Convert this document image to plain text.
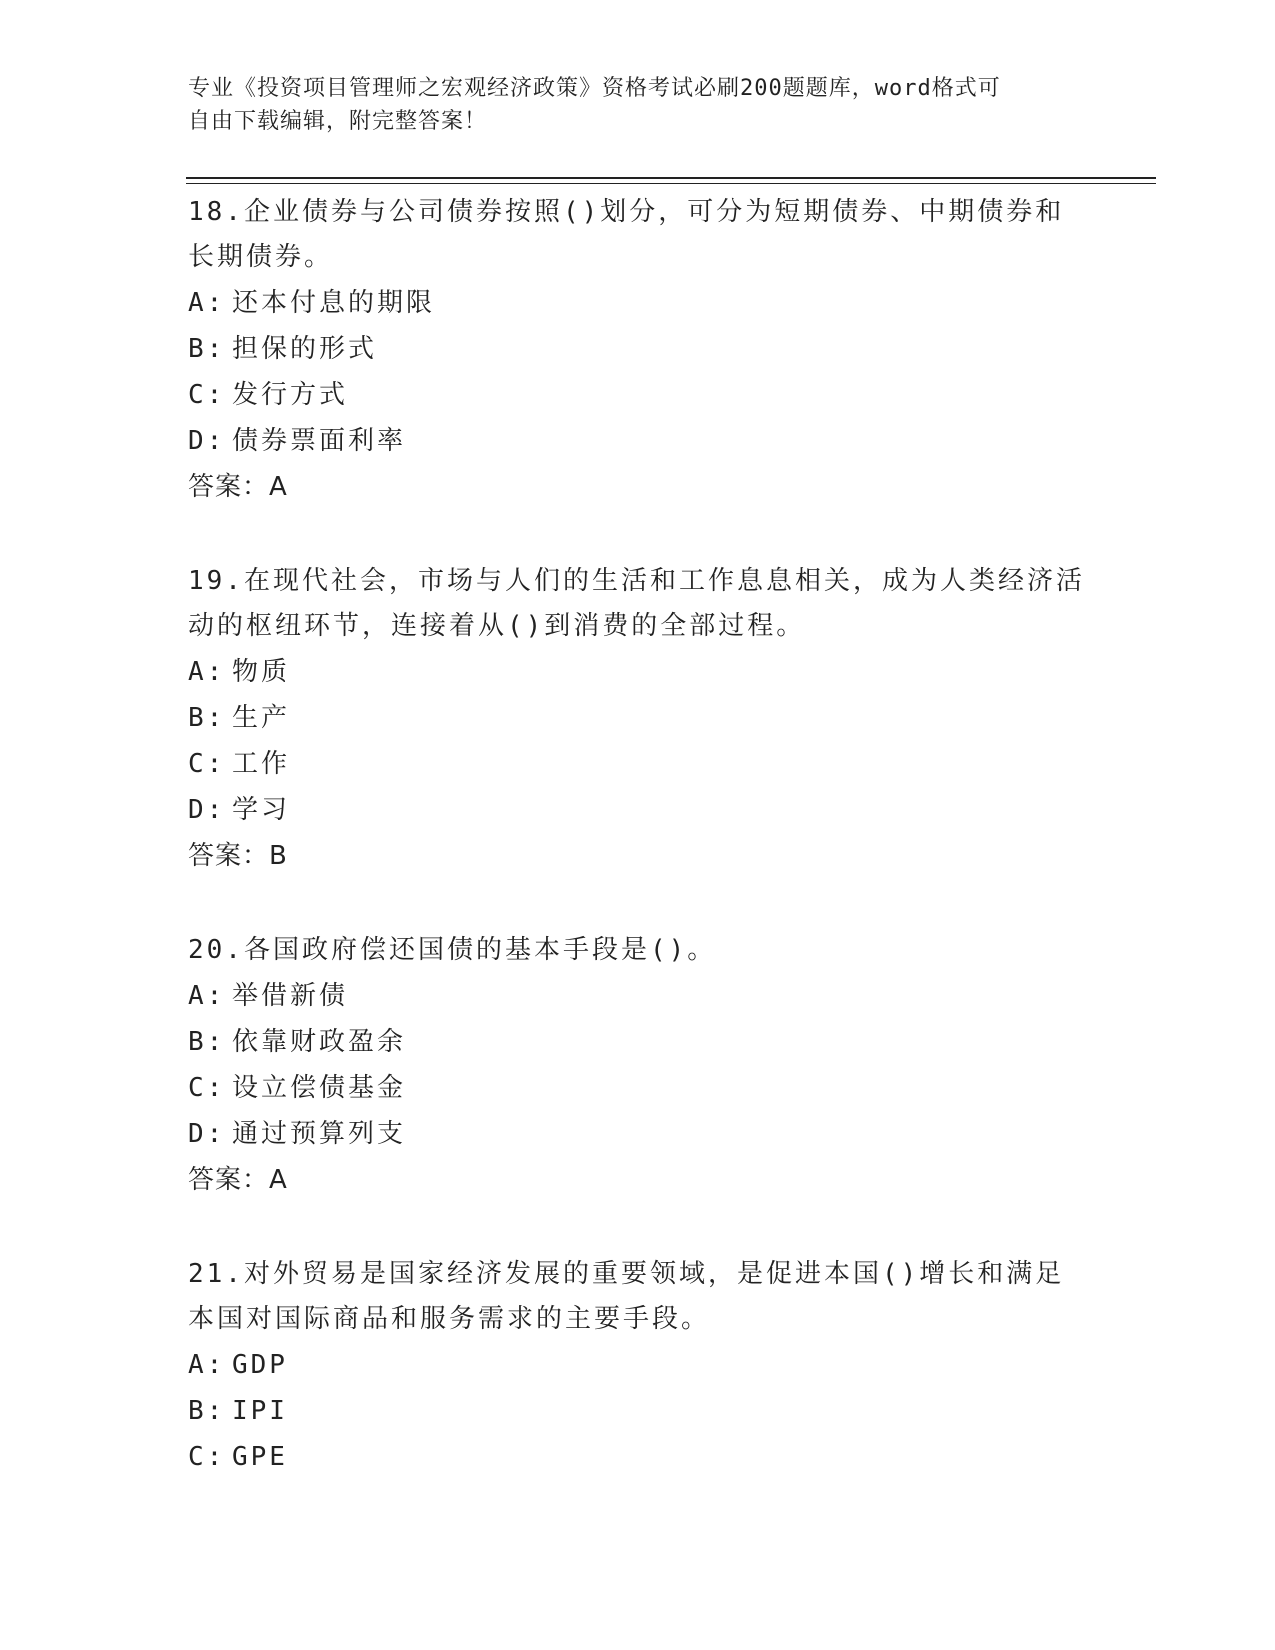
专业《投资项目管理师之宏观经济政策》资格考试必刷200题题库，word格式可
自由下载编辑，附完整答案！

18.企业债券与公司债券按照()划分，可分为短期债券、中期债券和长期债券。

A: 还本付息的期限

B: 担保的形式

C: 发行方式

D: 债券票面利率

答案：A

19.在现代社会，市场与人们的生活和工作息息相关，成为人类经济活动的枢纽环节，连接着从()到消费的全部过程。

A: 物质

B: 生产

C: 工作

D: 学习

答案：B

20.各国政府偿还国债的基本手段是()。

A: 举借新债

B: 依靠财政盈余

C: 设立偿债基金

D: 通过预算列支

答案：A

21.对外贸易是国家经济发展的重要领域，是促进本国()增长和满足本国对国际商品和服务需求的主要手段。

A: GDP

B: IPI

C: GPE
